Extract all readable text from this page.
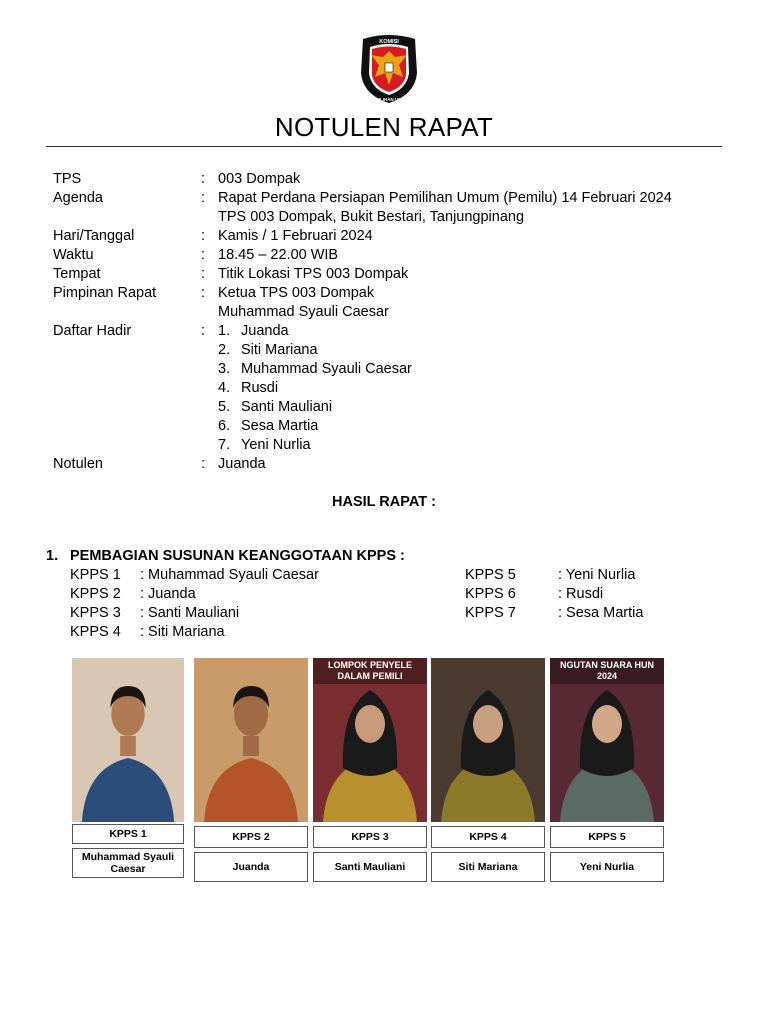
KOMISI
PEMILIHAN UMUM
NOTULEN RAPAT
TPS	: 003 Dompak
Agenda	: Rapat Perdana Persiapan Pemilihan Umum (Pemilu) 14 Februari 2024
TPS 003 Dompak, Bukit Bestari, Tanjungpinang
Hari/Tanggal	: Kamis / 1 Februari 2024
Waktu	: 18.45 – 22.00 WIB
Tempat	: Titik Lokasi TPS 003 Dompak
Pimpinan Rapat	: Ketua TPS 003 Dompak
Muhammad Syauli Caesar
Daftar Hadir	: 1. Juanda
2. Siti Mariana
3. Muhammad Syauli Caesar
4. Rusdi
5. Santi Mauliani
6. Sesa Martia
7. Yeni Nurlia
Notulen	: Juanda
HASIL RAPAT :
1. PEMBAGIAN SUSUNAN KEANGGOTAAN KPPS :
KPPS 1	: Muhammad Syauli Caesar
KPPS 2	: Juanda
KPPS 3	: Santi Mauliani
KPPS 4	: Siti Mariana
KPPS 5	: Yeni Nurlia
KPPS 6	: Rusdi
KPPS 7	: Sesa Martia
KPPS 1
Muhammad Syauli Caesar
KPPS 2
Juanda
LOMPOK PENYELE DALAM PEMILI
KPPS 3
Santi Mauliani
KPPS 4
Siti Mariana
NGUTAN SUARA HUN 2024
KPPS 5
Yeni Nurlia
